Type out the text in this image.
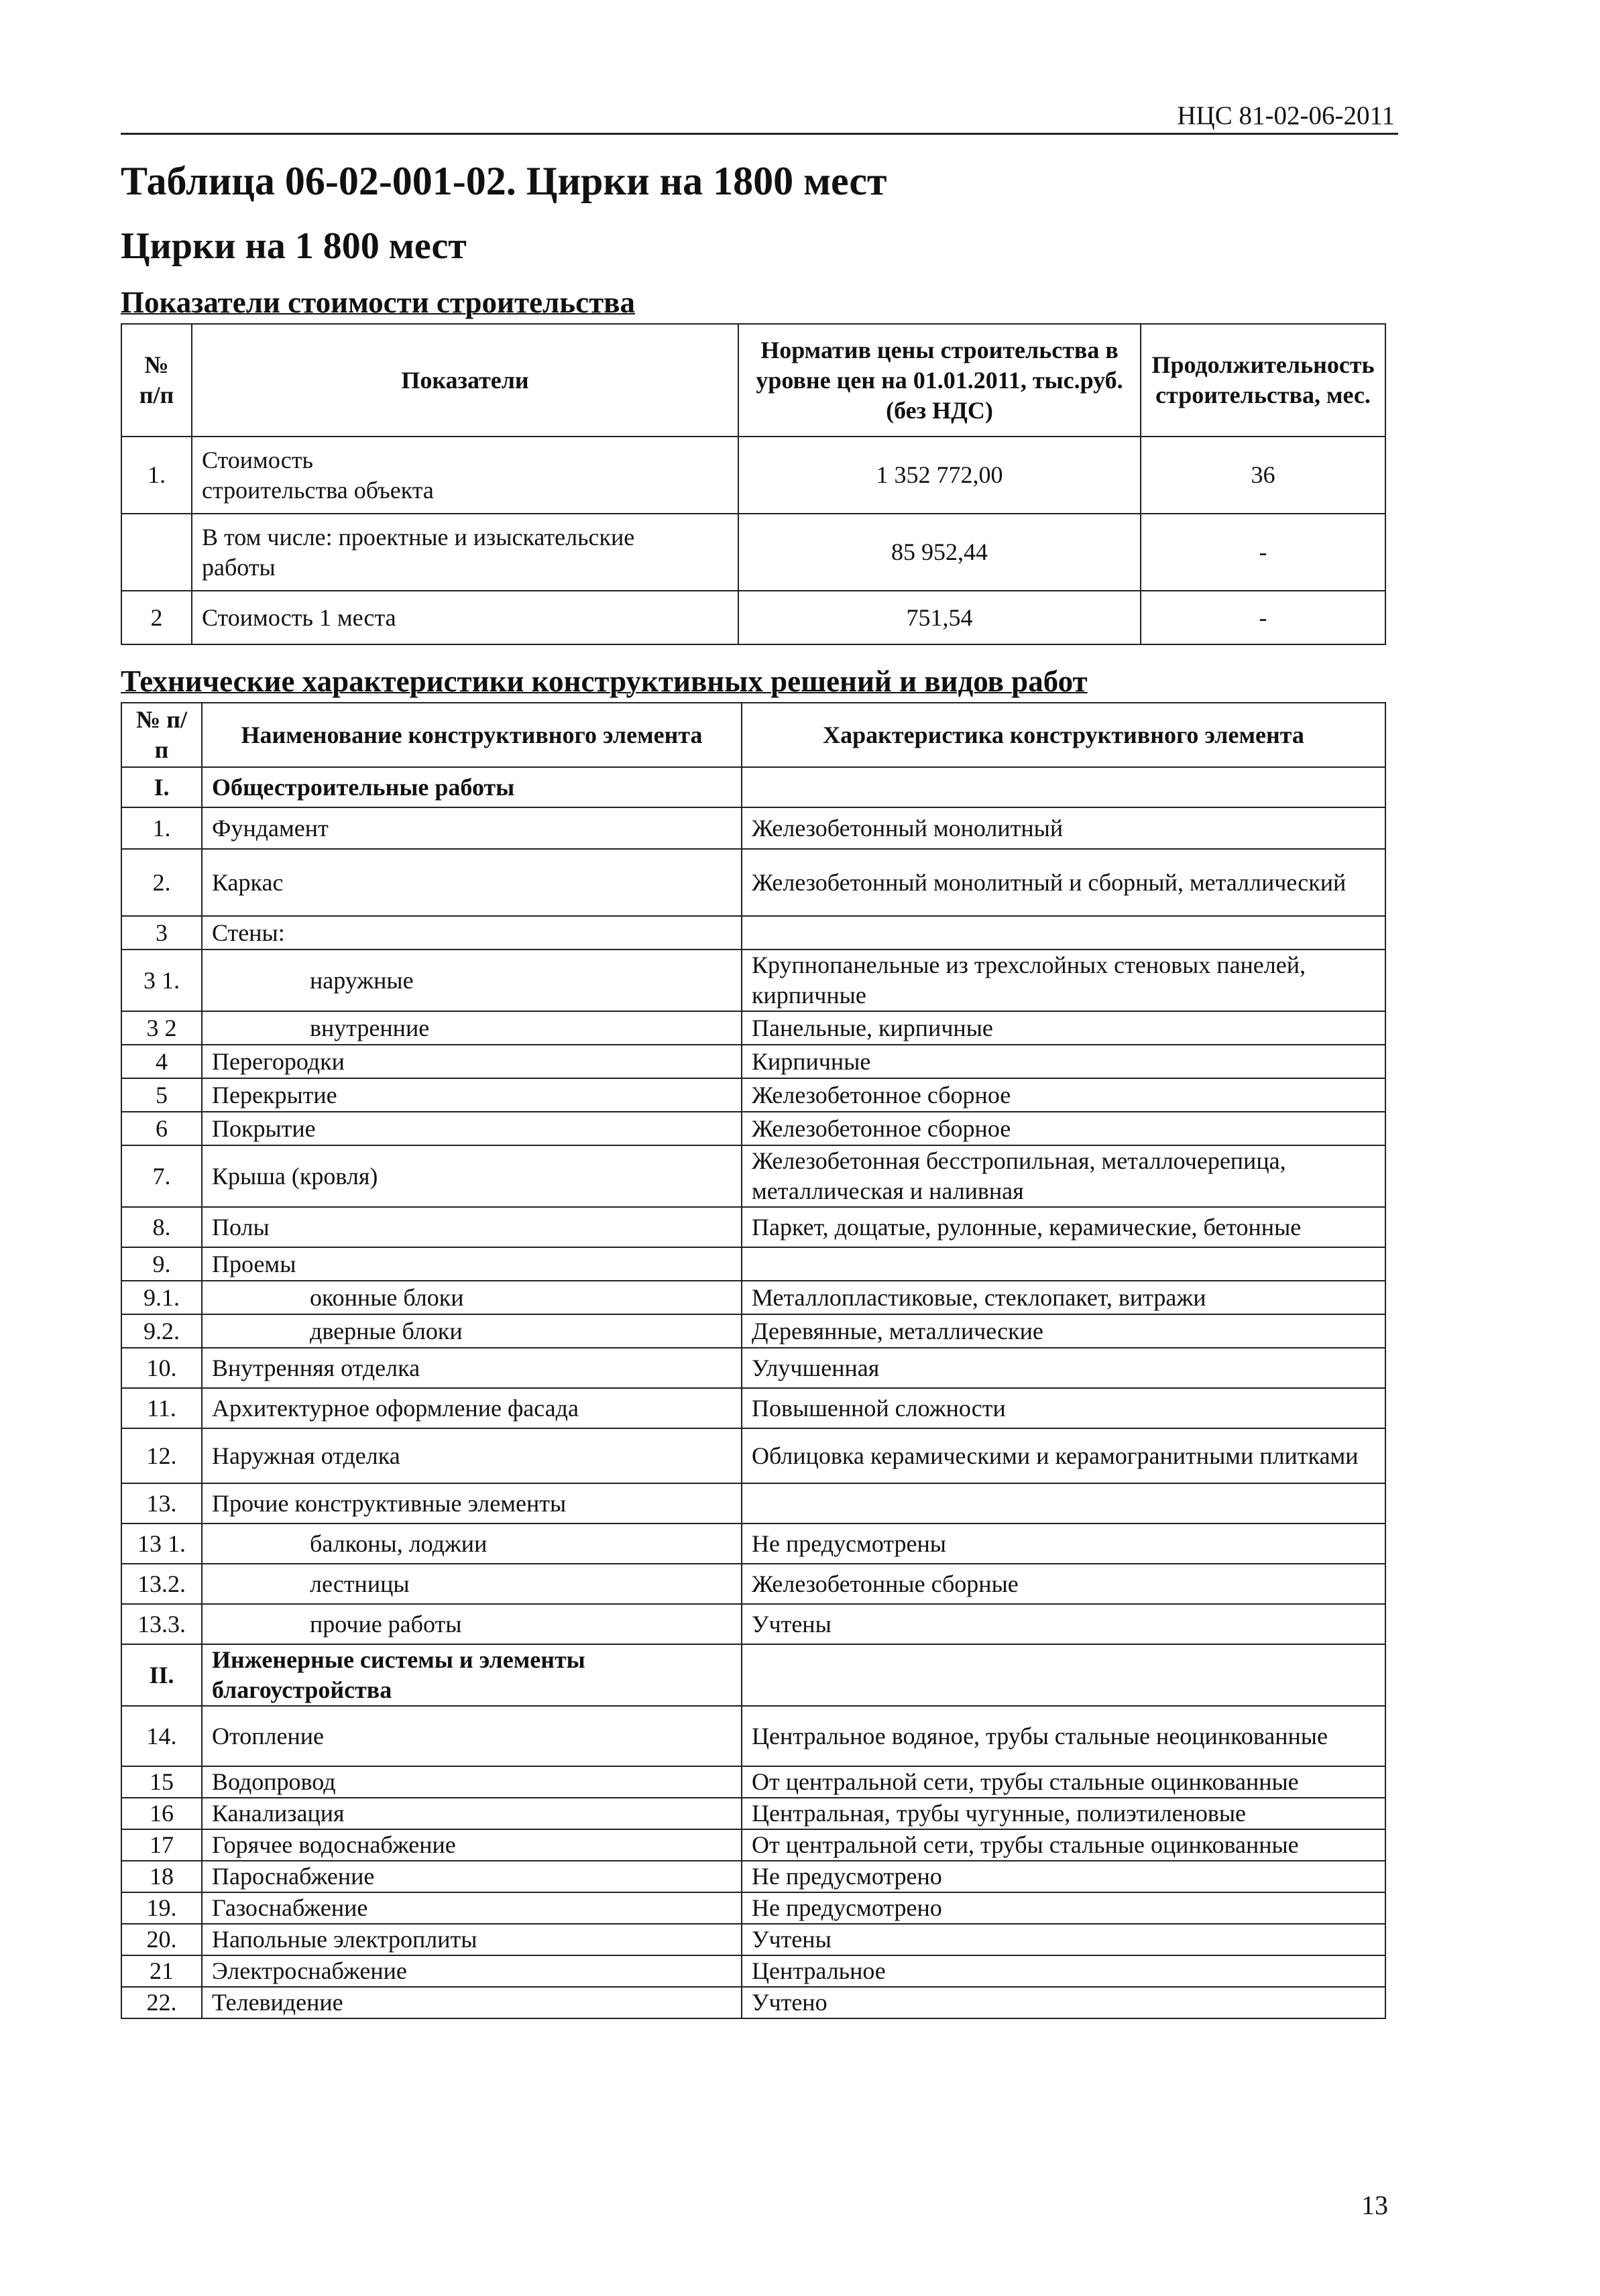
НЦС 81-02-06-2011
Таблица 06-02-001-02. Цирки на 1800 мест
Цирки на 1 800 мест
Показатели стоимости строительства
№ п/п	Показатели	Норматив цены строительства в уровне цен на 01.01.2011, тыс.руб. (без НДС)	Продолжительность строительства, мес.
1.	Стоимость строительства объекта	1 352 772,00	36
	В том числе: проектные и изыскательские работы	85 952,44	-
2	Стоимость 1 места	751,54	-
Технические характеристики конструктивных решений и видов работ
№ п/п	Наименование конструктивного элемента	Характеристика конструктивного элемента
I.	Общестроительные работы	
1.	Фундамент	Железобетонный монолитный
2.	Каркас	Железобетонный монолитный и сборный, металлический
3	Стены:	
3 1.	наружные	Крупнопанельные из трехслойных стеновых панелей, кирпичные
3 2	внутренние	Панельные, кирпичные
4	Перегородки	Кирпичные
5	Перекрытие	Железобетонное сборное
6	Покрытие	Железобетонное сборное
7.	Крыша (кровля)	Железобетонная бесстропильная, металлочерепица, металлическая и наливная
8.	Полы	Паркет, дощатые, рулонные, керамические, бетонные
9.	Проемы	
9.1.	оконные блоки	Металлопластиковые, стеклопакет, витражи
9.2.	дверные блоки	Деревянные, металлические
10.	Внутренняя отделка	Улучшенная
11.	Архитектурное оформление фасада	Повышенной сложности
12.	Наружная отделка	Облицовка керамическими и керамогранитными плитками
13.	Прочие конструктивные элементы	
13 1.	балконы, лоджии	Не предусмотрены
13.2.	лестницы	Железобетонные сборные
13.3.	прочие работы	Учтены
II.	Инженерные системы и элементы благоустройства	
14.	Отопление	Центральное водяное, трубы стальные неоцинкованные
15	Водопровод	От центральной сети, трубы стальные оцинкованные
16	Канализация	Центральная, трубы чугунные, полиэтиленовые
17	Горячее водоснабжение	От центральной сети, трубы стальные оцинкованные
18	Пароснабжение	Не предусмотрено
19.	Газоснабжение	Не предусмотрено
20.	Напольные электроплиты	Учтены
21	Электроснабжение	Центральное
22.	Телевидение	Учтено
13
